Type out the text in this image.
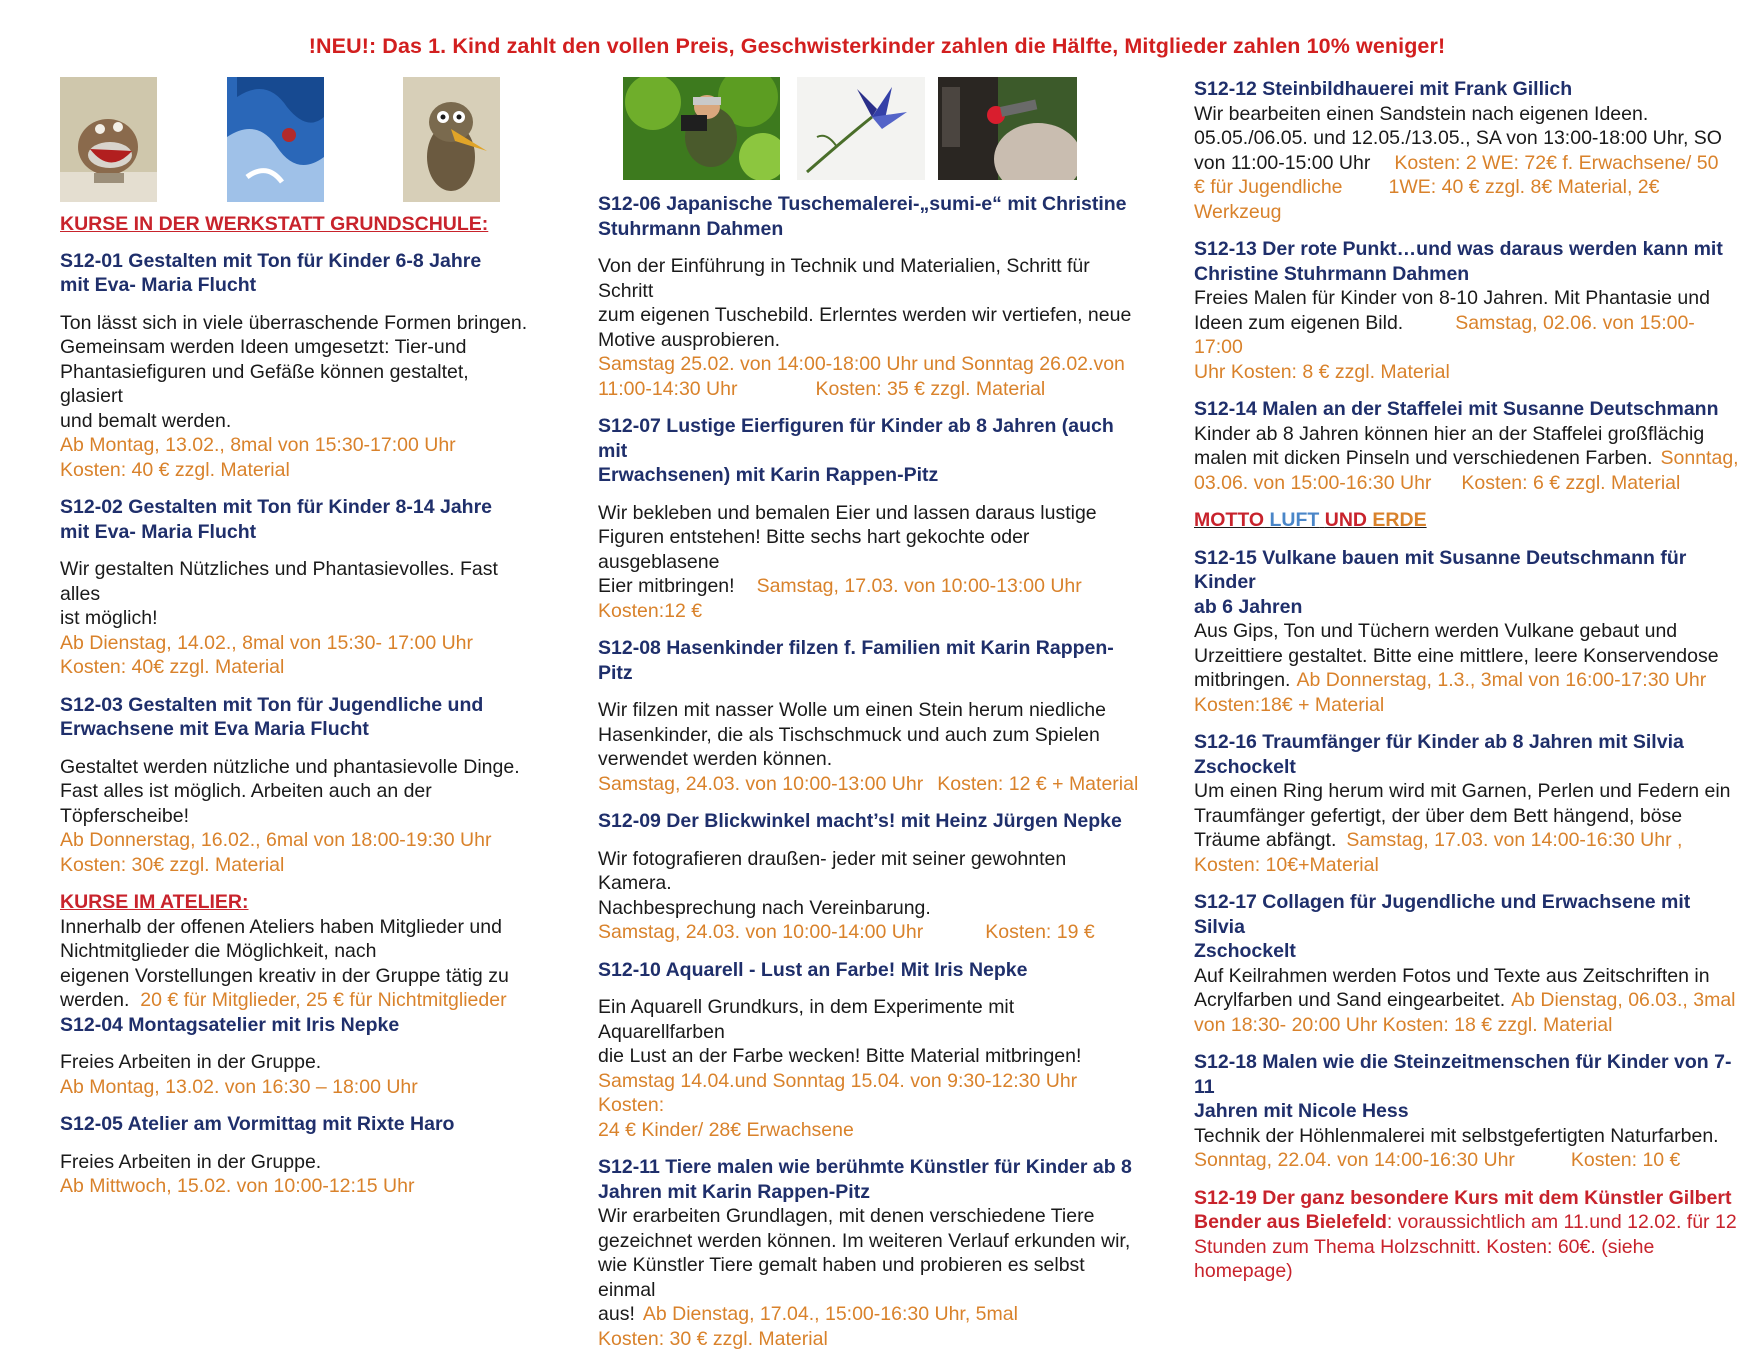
!NEU!: Das 1. Kind zahlt den vollen Preis, Geschwisterkinder zahlen die Hälfte, Mitglieder zahlen 10% weniger!
KURSE IN DER WERKSTATT GRUNDSCHULE:
S12-01 Gestalten mit Ton für Kinder 6-8 Jahre
mit Eva- Maria Flucht
Ton lässt sich in viele überraschende Formen bringen.
Gemeinsam werden Ideen umgesetzt: Tier-und
Phantasiefiguren und Gefäße können gestaltet, glasiert
und bemalt werden.
Ab Montag, 13.02., 8mal von 15:30-17:00 Uhr
Kosten: 40 € zzgl. Material
S12-02 Gestalten mit Ton für Kinder 8-14 Jahre
mit Eva- Maria Flucht
Wir gestalten Nützliches und Phantasievolles. Fast alles
ist möglich!
Ab Dienstag, 14.02., 8mal von 15:30- 17:00 Uhr
Kosten: 40€ zzgl. Material
S12-03 Gestalten mit Ton für Jugendliche und
Erwachsene mit Eva Maria Flucht
Gestaltet werden nützliche und phantasievolle Dinge.
Fast alles ist möglich. Arbeiten auch an der
Töpferscheibe!
Ab Donnerstag, 16.02., 6mal von 18:00-19:30 Uhr
Kosten: 30€ zzgl. Material
KURSE IM ATELIER:
Innerhalb der offenen Ateliers haben Mitglieder und
Nichtmitglieder die Möglichkeit, nach
eigenen Vorstellungen kreativ in der Gruppe tätig zu
werden. 20 € für Mitglieder, 25 € für Nichtmitglieder
S12-04 Montagsatelier mit Iris Nepke
Freies Arbeiten in der Gruppe.
Ab Montag, 13.02. von 16:30 – 18:00 Uhr
S12-05 Atelier am Vormittag mit Rixte Haro
Freies Arbeiten in der Gruppe.
Ab Mittwoch, 15.02. von 10:00-12:15 Uhr
S12-06 Japanische Tuschemalerei-„sumi-e“ mit Christine
Stuhrmann Dahmen
Von der Einführung in Technik und Materialien, Schritt für Schritt
zum eigenen Tuschebild. Erlerntes werden wir vertiefen, neue
Motive ausprobieren.
Samstag 25.02. von 14:00-18:00 Uhr und Sonntag 26.02.von
11:00-14:30 Uhr	Kosten: 35 € zzgl. Material
S12-07 Lustige Eierfiguren für Kinder ab 8 Jahren (auch mit
Erwachsenen) mit Karin Rappen-Pitz
Wir bekleben und bemalen Eier und lassen daraus lustige
Figuren entstehen! Bitte sechs hart gekochte oder ausgeblasene
Eier mitbringen! Samstag, 17.03. von 10:00-13:00 Uhr
Kosten:12 €
S12-08 Hasenkinder filzen f. Familien mit Karin Rappen-Pitz
Wir filzen mit nasser Wolle um einen Stein herum niedliche
Hasenkinder, die als Tischschmuck und auch zum Spielen
verwendet werden können.
Samstag, 24.03. von 10:00-13:00 Uhr Kosten: 12 € + Material
S12-09 Der Blickwinkel macht’s! mit Heinz Jürgen Nepke
Wir fotografieren draußen- jeder mit seiner gewohnten Kamera.
Nachbesprechung nach Vereinbarung.
Samstag, 24.03. von 10:00-14:00 Uhr	Kosten: 19 €
S12-10 Aquarell - Lust an Farbe! Mit Iris Nepke
Ein Aquarell Grundkurs, in dem Experimente mit Aquarellfarben
die Lust an der Farbe wecken! Bitte Material mitbringen!
Samstag 14.04.und Sonntag 15.04. von 9:30-12:30 UhrKosten:
24 € Kinder/ 28€ Erwachsene
S12-11 Tiere malen wie berühmte Künstler für Kinder ab 8
Jahren mit Karin Rappen-Pitz
Wir erarbeiten Grundlagen, mit denen verschiedene Tiere
gezeichnet werden können. Im weiteren Verlauf erkunden wir,
wie Künstler Tiere gemalt haben und probieren es selbst einmal
aus! Ab Dienstag, 17.04., 15:00-16:30 Uhr, 5mal
Kosten: 30 € zzgl. Material
S12-12 Steinbildhauerei mit Frank Gillich
Wir bearbeiten einen Sandstein nach eigenen Ideen.
05.05./06.05. und 12.05./13.05., SA von 13:00-18:00 Uhr, SO
von 11:00-15:00 Uhr Kosten: 2 WE: 72€ f. Erwachsene/ 50
€ für Jugendliche 1WE: 40 € zzgl. 8€ Material, 2€
Werkzeug
S12-13 Der rote Punkt…und was daraus werden kann mit
Christine Stuhrmann Dahmen
Freies Malen für Kinder von 8-10 Jahren. Mit Phantasie und
Ideen zum eigenen Bild.	Samstag, 02.06. von 15:00-17:00
Uhr Kosten: 8 € zzgl. Material
S12-14 Malen an der Staffelei mit Susanne Deutschmann
Kinder ab 8 Jahren können hier an der Staffelei großflächig
malen mit dicken Pinseln und verschiedenen Farben. Sonntag,
03.06. von 15:00-16:30 Uhr Kosten: 6 € zzgl. Material
MOTTO LUFT UND ERDE
S12-15 Vulkane bauen mit Susanne Deutschmann für Kinder
ab 6 Jahren
Aus Gips, Ton und Tüchern werden Vulkane gebaut und
Urzeittiere gestaltet. Bitte eine mittlere, leere Konservendose
mitbringen. Ab Donnerstag, 1.3., 3mal von 16:00-17:30 Uhr
Kosten:18€ + Material
S12-16 Traumfänger für Kinder ab 8 Jahren mit Silvia
Zschockelt
Um einen Ring herum wird mit Garnen, Perlen und Federn ein
Traumfänger gefertigt, der über dem Bett hängend, böse
Träume abfängt. Samstag, 17.03. von 14:00-16:30 Uhr ,
Kosten: 10€+Material
S12-17 Collagen für Jugendliche und Erwachsene mit Silvia
Zschockelt
Auf Keilrahmen werden Fotos und Texte aus Zeitschriften in
Acrylfarben und Sand eingearbeitet. Ab Dienstag, 06.03., 3mal
von 18:30- 20:00 Uhr Kosten: 18 € zzgl. Material
S12-18 Malen wie die Steinzeitmenschen für Kinder von 7-11
Jahren mit Nicole Hess
Technik der Höhlenmalerei mit selbstgefertigten Naturfarben.
Sonntag, 22.04. von 14:00-16:30 Uhr	Kosten: 10 €
S12-19 Der ganz besondere Kurs mit dem Künstler Gilbert
Bender aus Bielefeld: voraussichtlich am 11.und 12.02. für 12
Stunden zum Thema Holzschnitt. Kosten: 60€. (siehe
homepage)
